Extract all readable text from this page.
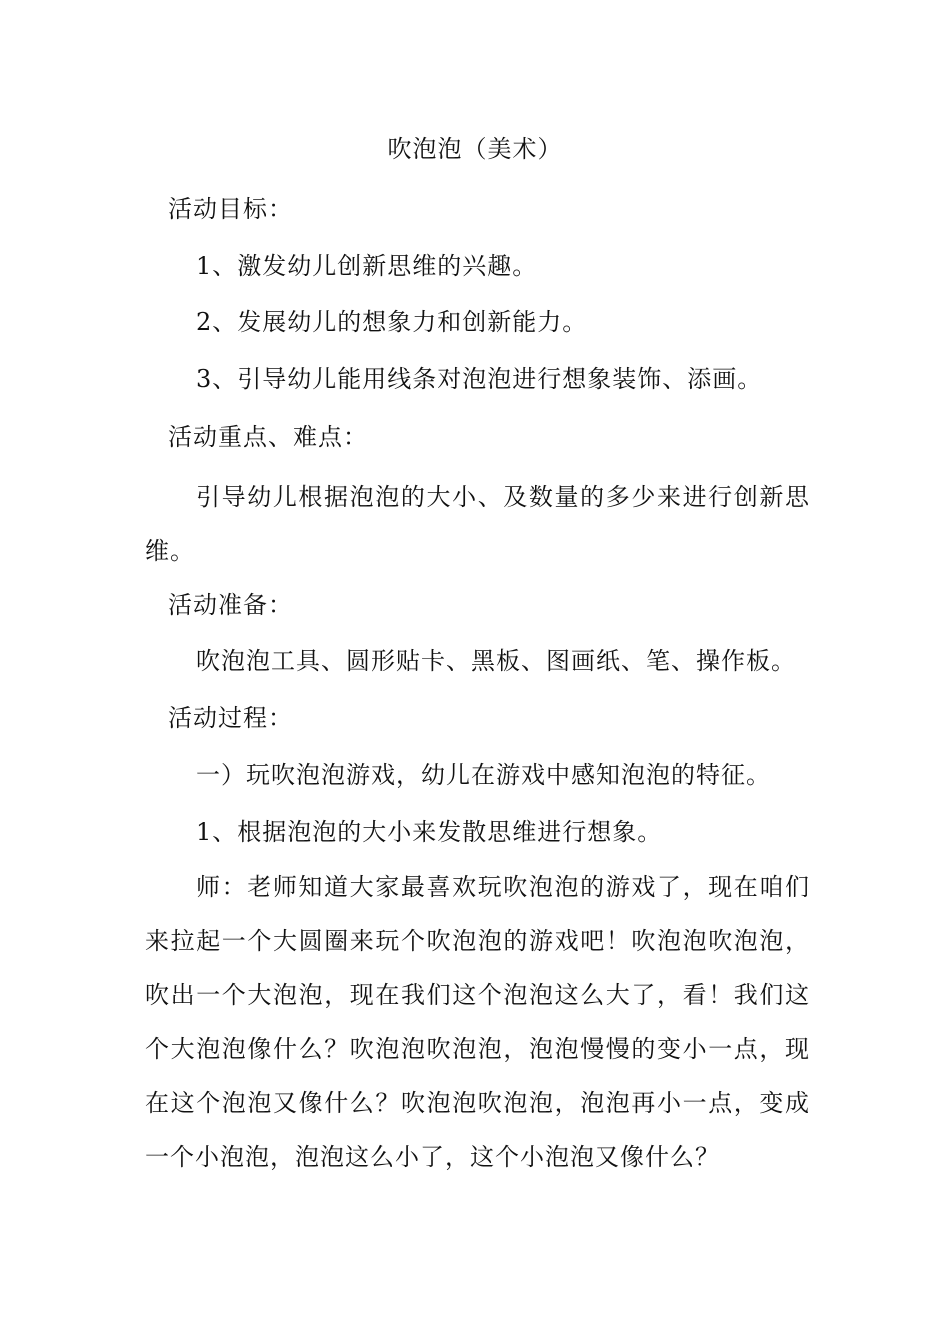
吹泡泡（美术）
活动目标：
1、激发幼儿创新思维的兴趣。
2、发展幼儿的想象力和创新能力。
3、引导幼儿能用线条对泡泡进行想象装饰、添画。
活动重点、难点：
引导幼儿根据泡泡的大小、及数量的多少来进行创新思维。
活动准备：
吹泡泡工具、圆形贴卡、黑板、图画纸、笔、操作板。
活动过程：
一）玩吹泡泡游戏，幼儿在游戏中感知泡泡的特征。
1、根据泡泡的大小来发散思维进行想象。
师：老师知道大家最喜欢玩吹泡泡的游戏了，现在咱们来拉起一个大圆圈来玩个吹泡泡的游戏吧！吹泡泡吹泡泡，吹出一个大泡泡，现在我们这个泡泡这么大了，看！我们这个大泡泡像什么？吹泡泡吹泡泡，泡泡慢慢的变小一点，现在这个泡泡又像什么？吹泡泡吹泡泡，泡泡再小一点，变成一个小泡泡，泡泡这么小了，这个小泡泡又像什么？
